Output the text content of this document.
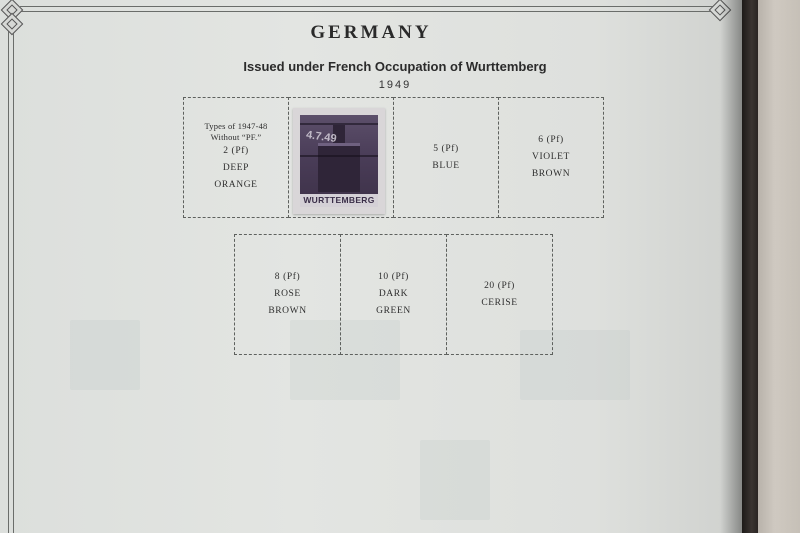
GERMANY
Issued under French Occupation of Wurttemberg
1949
Types of 1947-48
Without “PF.”
2 (Pf)
DEEP
ORANGE
4.7.49
WURTTEMBERG
5 (Pf)
BLUE
6 (Pf)
VIOLET
BROWN
8 (Pf)
ROSE
BROWN
10 (Pf)
DARK
GREEN
20 (Pf)
CERISE
